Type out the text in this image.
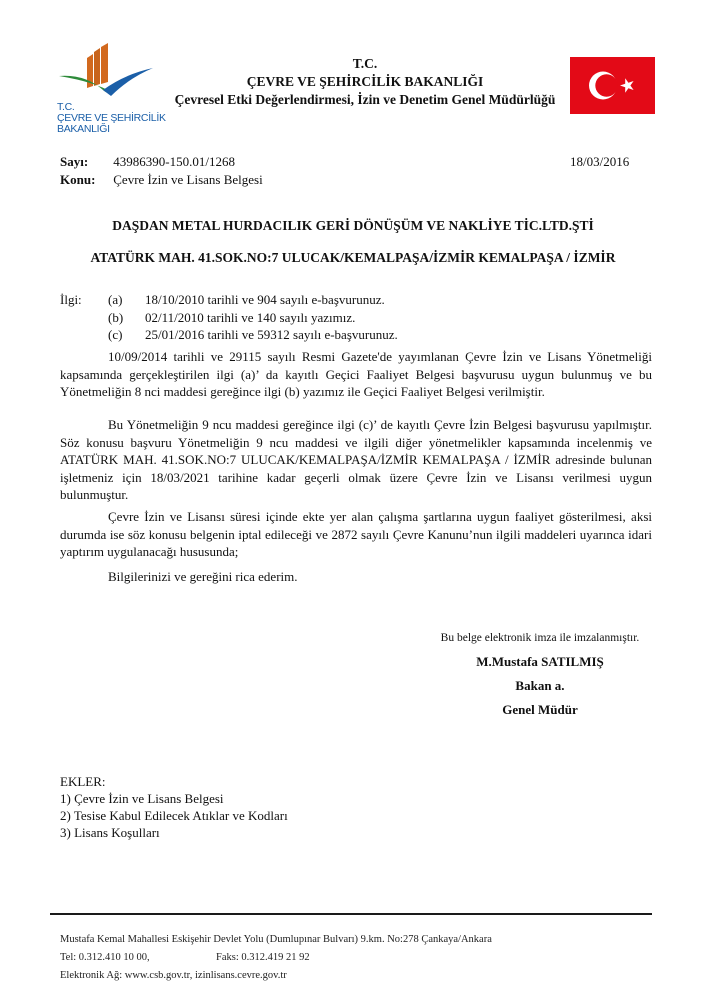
T.C.
ÇEVRE VE ŞEHİRCİLİK
BAKANLIĞI
T.C.
ÇEVRE VE ŞEHİRCİLİK BAKANLIĞI
Çevresel Etki Değerlendirmesi, İzin ve Denetim Genel Müdürlüğü
Sayı: 43986390-150.01/1268	18/03/2016
Konu: Çevre İzin ve Lisans Belgesi
DAŞDAN METAL HURDACILIK GERİ DÖNÜŞÜM VE NAKLİYE TİC.LTD.ŞTİ
ATATÜRK MAH. 41.SOK.NO:7 ULUCAK/KEMALPAŞA/İZMİR KEMALPAŞA / İZMİR
İlgi: (a) 18/10/2010 tarihli ve 904 sayılı e-başvurunuz.
(b) 02/11/2010 tarihli ve 140 sayılı yazımız.
(c) 25/01/2016 tarihli ve 59312 sayılı e-başvurunuz.
10/09/2014 tarihli ve 29115 sayılı Resmi Gazete'de yayımlanan Çevre İzin ve Lisans Yönetmeliği kapsamında gerçekleştirilen ilgi (a)’ da kayıtlı Geçici Faaliyet Belgesi başvurusu uygun bulunmuş ve bu Yönetmeliğin 8 nci maddesi gereğince ilgi (b) yazımız ile Geçici Faaliyet Belgesi verilmiştir.
Bu Yönetmeliğin 9 ncu maddesi gereğince ilgi (c)’ de kayıtlı Çevre İzin Belgesi başvurusu yapılmıştır. Söz konusu başvuru Yönetmeliğin 9 ncu maddesi ve ilgili diğer yönetmelikler kapsamında incelenmiş ve ATATÜRK MAH. 41.SOK.NO:7 ULUCAK/KEMALPAŞA/İZMİR KEMALPAŞA / İZMİR adresinde bulunan işletmeniz için 18/03/2021 tarihine kadar geçerli olmak üzere Çevre İzin ve Lisansı verilmesi uygun bulunmuştur.
Çevre İzin ve Lisansı süresi içinde ekte yer alan çalışma şartlarına uygun faaliyet gösterilmesi, aksi durumda ise söz konusu belgenin iptal edileceği ve 2872 sayılı Çevre Kanunu’nun ilgili maddeleri uyarınca idari yaptırım uygulanacağı hususunda;
Bilgilerinizi ve gereğini rica ederim.
Bu belge elektronik imza ile imzalanmıştır.
M.Mustafa SATILMIŞ
Bakan a.
Genel Müdür
EKLER:
1) Çevre İzin ve Lisans Belgesi
2) Tesise Kabul Edilecek Atıklar ve Kodları
3) Lisans Koşulları
Mustafa Kemal Mahallesi Eskişehir Devlet Yolu (Dumlupınar Bulvarı) 9.km. No:278 Çankaya/Ankara
Tel: 0.312.410 10 00,	Faks: 0.312.419 21 92
Elektronik Ağ: www.csb.gov.tr, izinlisans.cevre.gov.tr
